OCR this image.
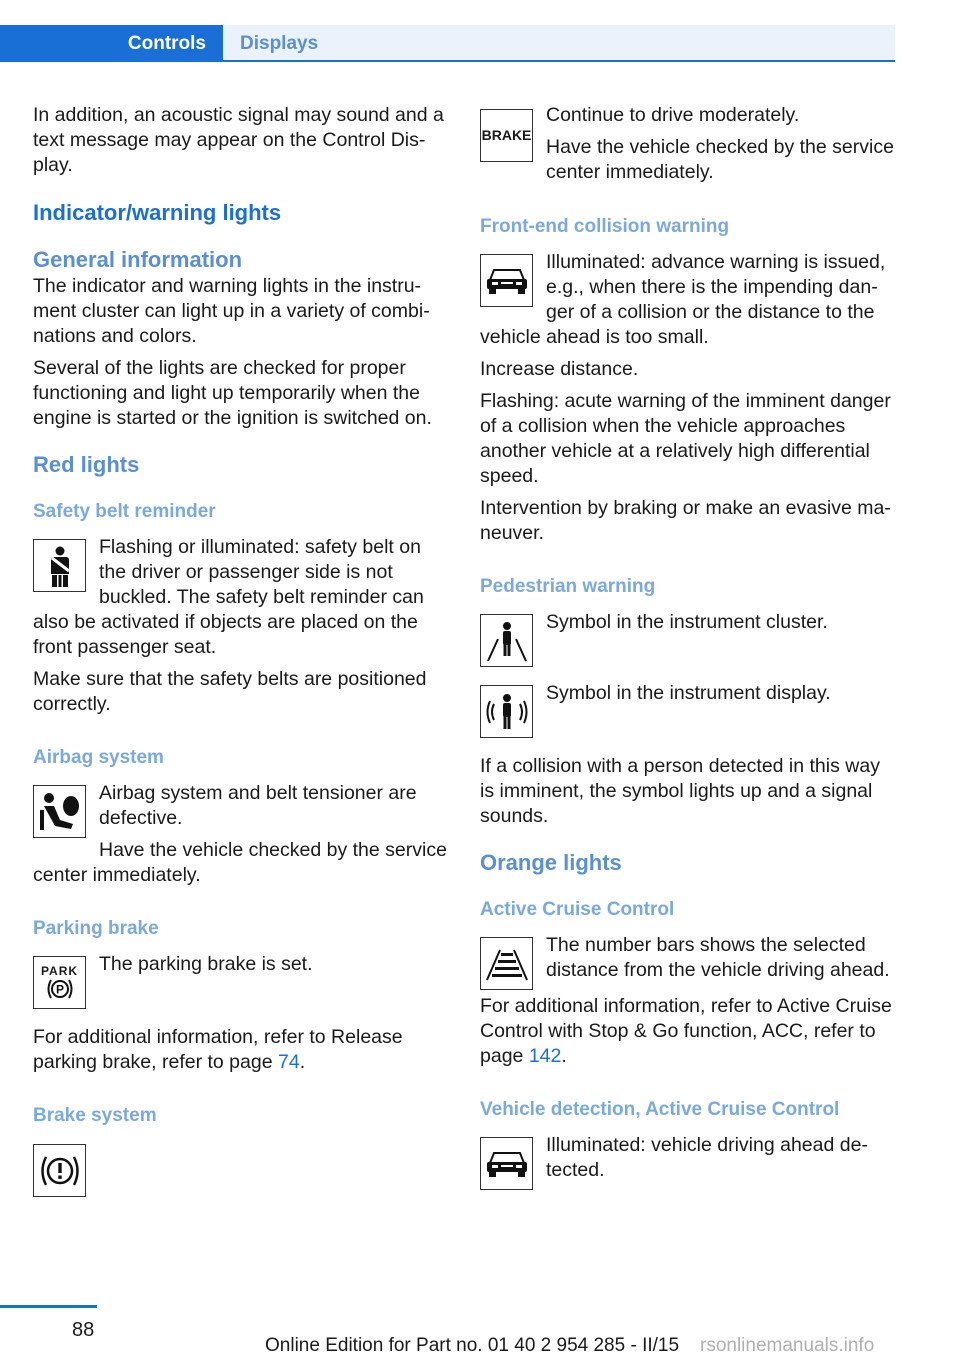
Controls	Displays

In addition, an acoustic signal may sound and a text message may appear on the Control Display.

Indicator/warning lights
General information

The indicator and warning lights in the instrument cluster can light up in a variety of combinations and colors.

Several of the lights are checked for proper functioning and light up temporarily when the engine is started or the ignition is switched on.

Red lights
Safety belt reminder

Flashing or illuminated: safety belt on the driver or passenger side is not buckled. The safety belt reminder can also be activated if objects are placed on the front passenger seat.

Make sure that the safety belts are positioned correctly.

Airbag system

Airbag system and belt tensioner are defective.

Have the vehicle checked by the service center immediately.

Parking brake
PARK
P

The parking brake is set.

For additional information, refer to Release parking brake, refer to page 74.

Brake system
BRAKE

Continue to drive moderately.

Have the vehicle checked by the service center immediately.

Front-end collision warning

Illuminated: advance warning is issued, e.g., when there is the impending danger of a collision or the distance to the vehicle ahead is too small.

Increase distance.

Flashing: acute warning of the imminent danger of a collision when the vehicle approaches another vehicle at a relatively high differential speed.

Intervention by braking or make an evasive maneuver.

Pedestrian warning

Symbol in the instrument cluster.

Symbol in the instrument display.

If a collision with a person detected in this way is imminent, the symbol lights up and a signal sounds.

Orange lights
Active Cruise Control

The number bars shows the selected distance from the vehicle driving ahead.

For additional information, refer to Active Cruise Control with Stop & Go function, ACC, refer to page 142.

Vehicle detection, Active Cruise Control

Illuminated: vehicle driving ahead detected.

88
Online Edition for Part no. 01 40 2 954 285 - II/15 rsonlinemanuals.info
